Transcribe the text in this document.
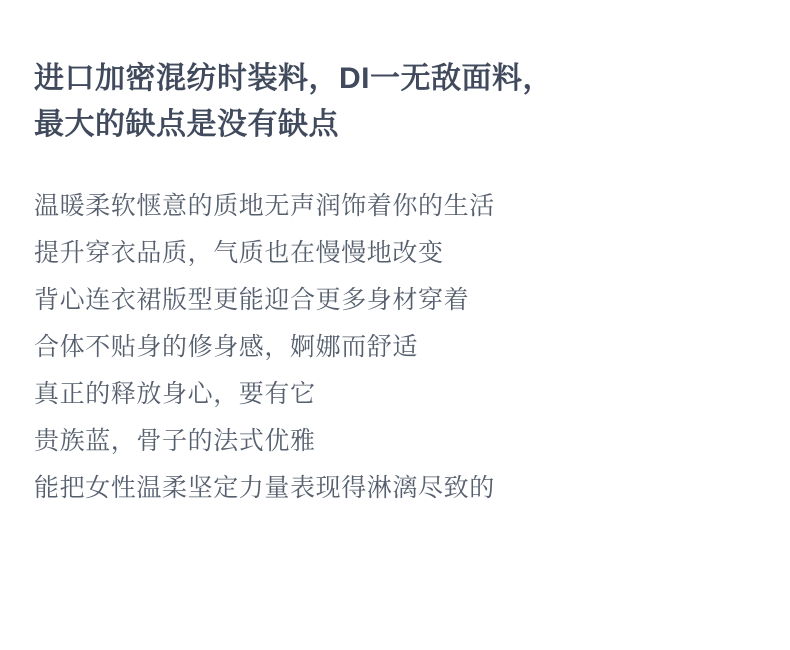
进口加密混纺时装料，DI一无敌面料，
最大的缺点是没有缺点
温暖柔软惬意的质地无声润饰着你的生活
提升穿衣品质，气质也在慢慢地改变
背心连衣裙版型更能迎合更多身材穿着
合体不贴身的修身感，婀娜而舒适
真正的释放身心，要有它
贵族蓝，骨子的法式优雅
能把女性温柔坚定力量表现得淋漓尽致的
